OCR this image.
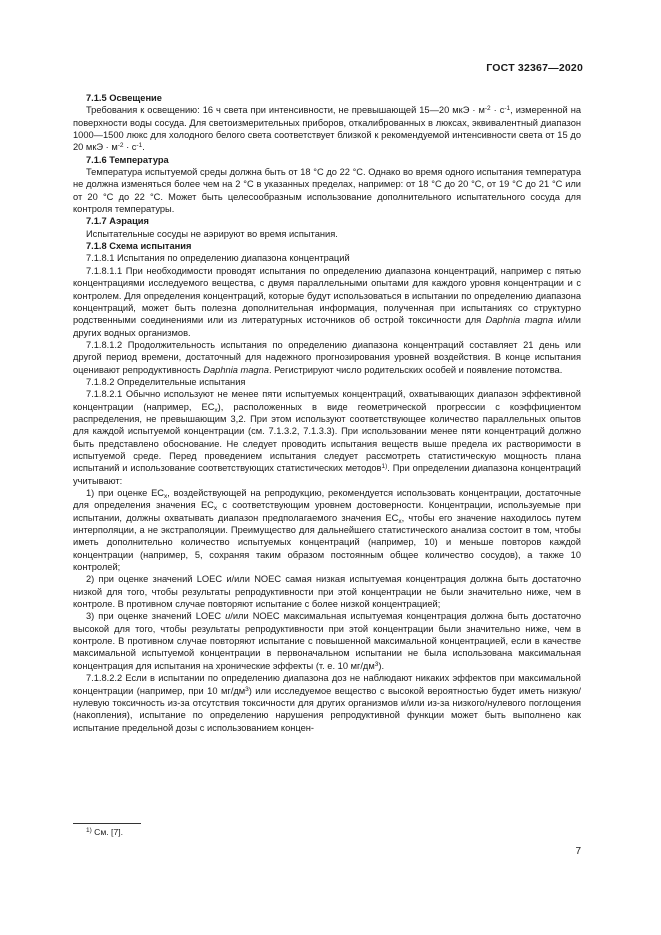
ГОСТ 32367—2020

7.1.5 Освещение

Требования к освещению: 16 ч света при интенсивности, не превышающей 15—20 мкЭ · $м^{-2} \cdot с^{-1}$, измеренной на поверхности воды сосуда. Для светоизмерительных приборов, откалиброванных в люксах, эквивалентный диапазон 1000—1500 люкс для холодного белого света соответствует близкой к рекомендуемой интенсивности света от 15 до 20 мкЭ · $м^{-2} \cdot с^{-1}$.

7.1.6 Температура

Температура испытуемой среды должна быть от 18 °С до 22 °С. Однако во время одного испытания температура не должна изменяться более чем на 2 °С в указанных пределах, например: от 18 °С до 20 °С, от 19 °С до 21 °С или от 20 °С до 22 °С. Может быть целесообразным использование дополнительного испытательного сосуда для контроля температуры.

7.1.7 Аэрация

Испытательные сосуды не аэрируют во время испытания.

7.1.8 Схема испытания

7.1.8.1 Испытания по определению диапазона концентраций

7.1.8.1.1 При необходимости проводят испытания по определению диапазона концентраций, например с пятью концентрациями исследуемого вещества, с двумя параллельными опытами для каждого уровня концентрации и с контролем. Для определения концентраций, которые будут использоваться в испытании по определению диапазона концентраций, может быть полезна дополнительная информация, полученная при испытаниях со структурно родственными соединениями или из литературных источников об острой токсичности для Daphnia magna и/или других водных организмов.

7.1.8.1.2 Продолжительность испытания по определению диапазона концентраций составляет 21 день или другой период времени, достаточный для надежного прогнозирования уровней воздействия. В конце испытания оценивают репродуктивность Daphnia magna. Регистрируют число родительских особей и появление потомства.

7.1.8.2 Определительные испытания

7.1.8.2.1 Обычно используют не менее пяти испытуемых концентраций, охватывающих диапазон эффективной концентрации (например, $EC_x$), расположенных в виде геометрической прогрессии с коэффициентом распределения, не превышающим 3,2. При этом используют соответствующее количество параллельных опытов для каждой испытуемой концентрации (см. 7.1.3.2, 7.1.3.3). При использовании менее пяти концентраций должно быть представлено обоснование. Не следует проводить испытания веществ выше предела их растворимости в испытуемой среде. Перед проведением испытания следует рассмотреть статистическую мощность плана испытаний и использование соответствующих статистических методов$^{1)}$. При определении диапазона концентраций учитывают:

1) при оценке $EC_x$, воздействующей на репродукцию, рекомендуется использовать концентрации, достаточные для определения значения $EC_x$ с соответствующим уровнем достоверности. Концентрации, используемые при испытании, должны охватывать диапазон предполагаемого значения $EC_x$, чтобы его значение находилось путем интерполяции, а не экстраполяции. Преимущество для дальнейшего статистического анализа состоит в том, чтобы иметь дополнительно количество испытуемых концентраций (например, 10) и меньше повторов каждой концентрации (например, 5, сохраняя таким образом постоянным общее количество сосудов), а также 10 контролей;

2) при оценке значений LOEC и/или NOEC самая низкая испытуемая концентрация должна быть достаточно низкой для того, чтобы результаты репродуктивности при этой концентрации не были значительно ниже, чем в контроле. В противном случае повторяют испытание с более низкой концентрацией;

3) при оценке значений LOEC и/или NOEC максимальная испытуемая концентрация должна быть достаточно высокой для того, чтобы результаты репродуктивности при этой концентрации были значительно ниже, чем в контроле. В противном случае повторяют испытание с повышенной максимальной концентрацией, если в качестве максимальной испытуемой концентрации в первоначальном испытании не была использована максимальная концентрация для испытания на хронические эффекты (т. е. 10 $мг/дм^3$).

7.1.8.2.2 Если в испытании по определению диапазона доз не наблюдают никаких эффектов при максимальной концентрации (например, при 10 $мг/дм^3$) или исследуемое вещество с высокой вероятностью будет иметь низкую/нулевую токсичность из-за отсутствия токсичности для других организмов и/или из-за низкого/нулевого поглощения (накопления), испытание по определению нарушения репродуктивной функции может быть выполнено как испытание предельной дозы с использованием концен-

$^{1)}$ См. [7].
7
